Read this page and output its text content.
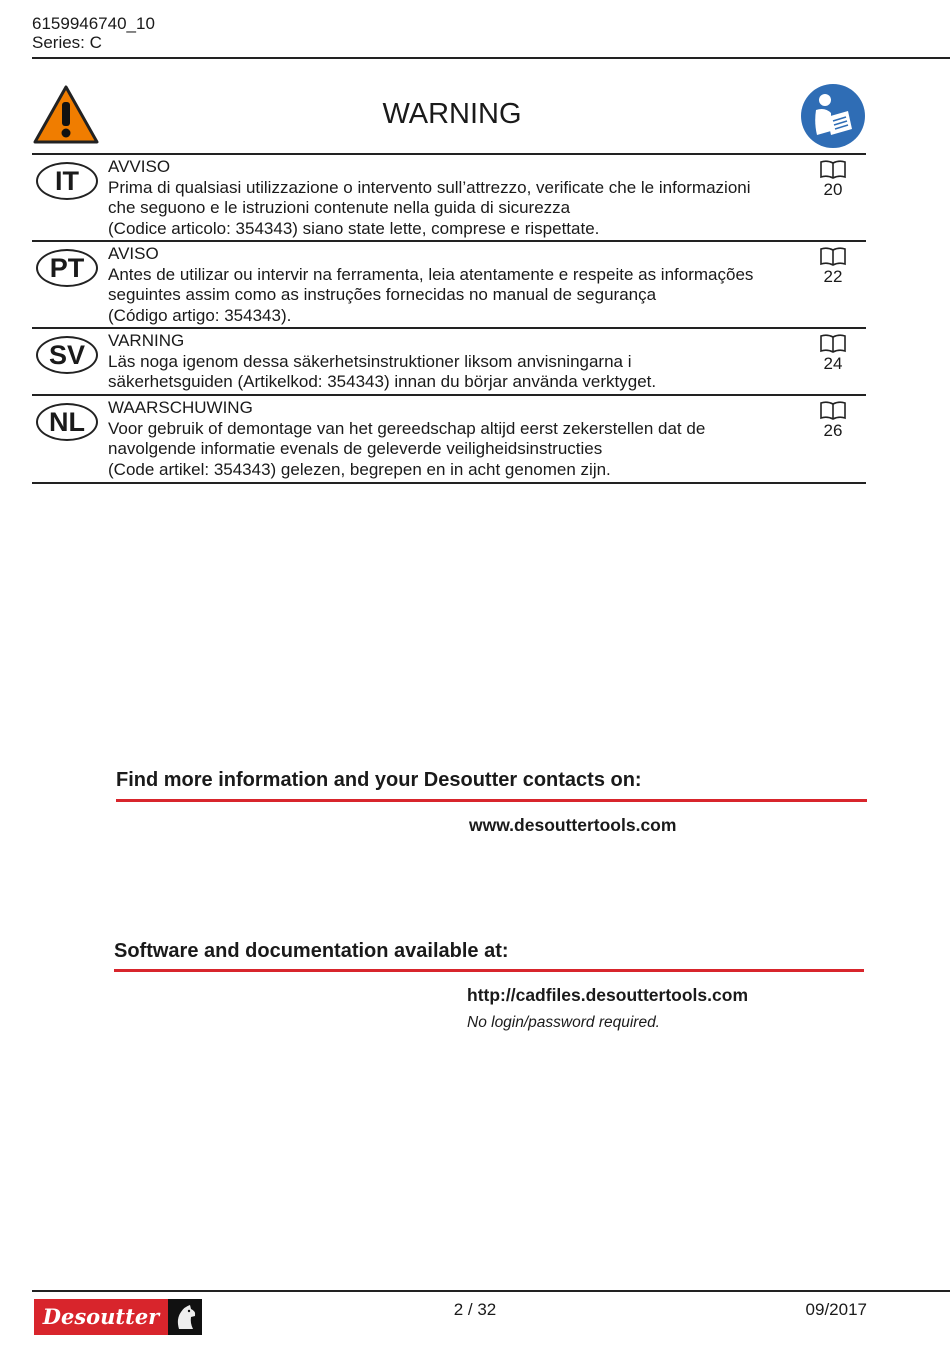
6159946740_10
Series: C
WARNING
IT	AVVISO
Prima di qualsiasi utilizzazione o intervento sull’attrezzo, verificate che le informazioni
che seguono e le istruzioni contenute nella guida di sicurezza
(Codice articolo: 354343) siano state lette, comprese e rispettate.
20
PT	AVISO
Antes de utilizar ou intervir na ferramenta, leia atentamente e respeite as informações
seguintes assim como as instruções fornecidas no manual de segurança
(Código artigo: 354343).
22
SV	VARNING
Läs noga igenom dessa säkerhetsinstruktioner liksom anvisningarna i
säkerhetsguiden (Artikelkod: 354343) innan du börjar använda verktyget.
24
NL	WAARSCHUWING
Voor gebruik of demontage van het gereedschap altijd eerst zekerstellen dat de
navolgende informatie evenals de geleverde veiligheidsinstructies
(Code artikel: 354343) gelezen, begrepen en in acht genomen zijn.
26
Find more information and your Desoutter contacts on:
www.desouttertools.com
Software and documentation available at:
http://cadfiles.desouttertools.com
No login/password required.
Desoutter	2 / 32	09/2017
